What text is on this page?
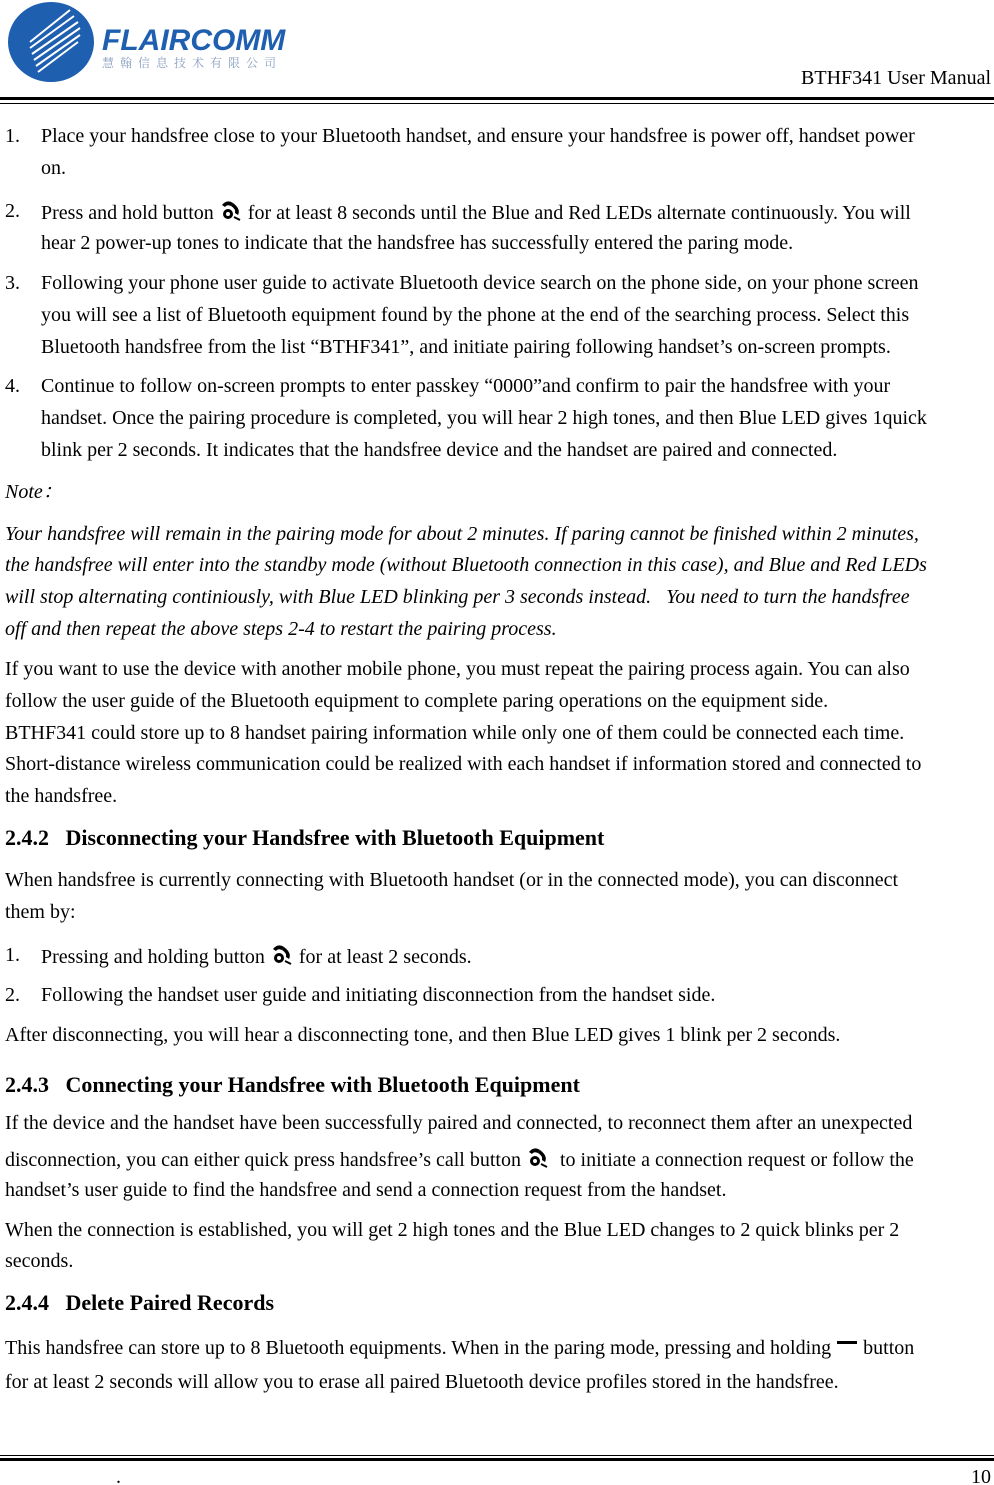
FLAIRCOMM
慧翰信息技术有限公司
BTHF341 User Manual
1. Place your handsfree close to your Bluetooth handset, and ensure your handsfree is power off, handset power
on.
2. Press and hold button  for at least 8 seconds until the Blue and Red LEDs alternate continuously. You will
hear 2 power-up tones to indicate that the handsfree has successfully entered the paring mode.
3. Following your phone user guide to activate Bluetooth device search on the phone side, on your phone screen
you will see a list of Bluetooth equipment found by the phone at the end of the searching process. Select this
Bluetooth handsfree from the list “BTHF341”, and initiate pairing following handset’s on-screen prompts.
4. Continue to follow on-screen prompts to enter passkey “0000”and confirm to pair the handsfree with your
handset. Once the pairing procedure is completed, you will hear 2 high tones, and then Blue LED gives 1quick
blink per 2 seconds. It indicates that the handsfree device and the handset are paired and connected.
Note：
Your handsfree will remain in the pairing mode for about 2 minutes. If paring cannot be finished within 2 minutes,
the handsfree will enter into the standby mode (without Bluetooth connection in this case), and Blue and Red LEDs
will stop alternating continiously, with Blue LED blinking per 3 seconds instead.   You need to turn the handsfree
off and then repeat the above steps 2-4 to restart the pairing process.
If you want to use the device with another mobile phone, you must repeat the pairing process again. You can also
follow the user guide of the Bluetooth equipment to complete paring operations on the equipment side.
BTHF341 could store up to 8 handset pairing information while only one of them could be connected each time.
Short-distance wireless communication could be realized with each handset if information stored and connected to
the handsfree.
2.4.2   Disconnecting your Handsfree with Bluetooth Equipment
When handsfree is currently connecting with Bluetooth handset (or in the connected mode), you can disconnect
them by:
1. Pressing and holding button  for at least 2 seconds.
2. Following the handset user guide and initiating disconnection from the handset side.
After disconnecting, you will hear a disconnecting tone, and then Blue LED gives 1 blink per 2 seconds.
2.4.3   Connecting your Handsfree with Bluetooth Equipment
If the device and the handset have been successfully paired and connected, to reconnect them after an unexpected
disconnection, you can either quick press handsfree’s call button   to initiate a connection request or follow the
handset’s user guide to find the handsfree and send a connection request from the handset.
When the connection is established, you will get 2 high tones and the Blue LED changes to 2 quick blinks per 2
seconds.
2.4.4   Delete Paired Records
This handsfree can store up to 8 Bluetooth equipments. When in the paring mode, pressing and holding  button
for at least 2 seconds will allow you to erase all paired Bluetooth device profiles stored in the handsfree.
.	10
